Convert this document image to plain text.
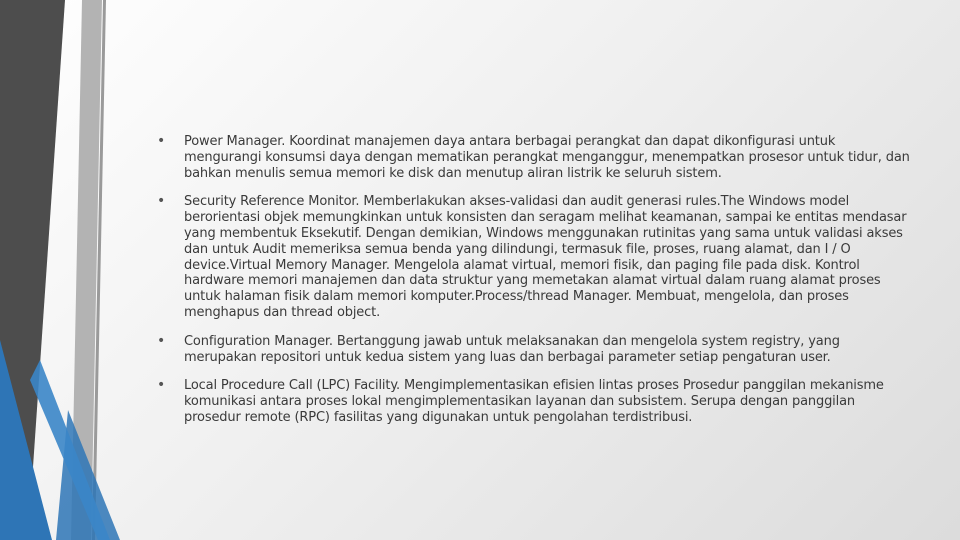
• Power Manager. Koordinat manajemen daya antara berbagai perangkat dan dapat dikonfigurasi untuk mengurangi konsumsi daya dengan mematikan perangkat menganggur, menempatkan prosesor untuk tidur, dan bahkan menulis semua memori ke disk dan menutup aliran listrik ke seluruh sistem.
• Security Reference Monitor. Memberlakukan akses-validasi dan audit generasi rules.The Windows model berorientasi objek memungkinkan untuk konsisten dan seragam melihat keamanan, sampai ke entitas mendasar yang membentuk Eksekutif. Dengan demikian, Windows menggunakan rutinitas yang sama untuk validasi akses dan untuk Audit memeriksa semua benda yang dilindungi, termasuk file, proses, ruang alamat, dan I / O device.Virtual Memory Manager. Mengelola alamat virtual, memori fisik, dan paging file pada disk. Kontrol hardware memori manajemen dan data struktur yang memetakan alamat virtual dalam ruang alamat proses untuk halaman fisik dalam memori komputer.Process/thread Manager. Membuat, mengelola, dan proses menghapus dan thread object.
• Configuration Manager. Bertanggung jawab untuk melaksanakan dan mengelola system registry, yang merupakan repositori untuk kedua sistem yang luas dan berbagai parameter setiap pengaturan user.
• Local Procedure Call (LPC) Facility. Mengimplementasikan efisien lintas proses Prosedur panggilan mekanisme komunikasi antara proses lokal mengimplementasikan layanan dan subsistem. Serupa dengan panggilan prosedur remote (RPC) fasilitas yang digunakan untuk pengolahan terdistribusi.
